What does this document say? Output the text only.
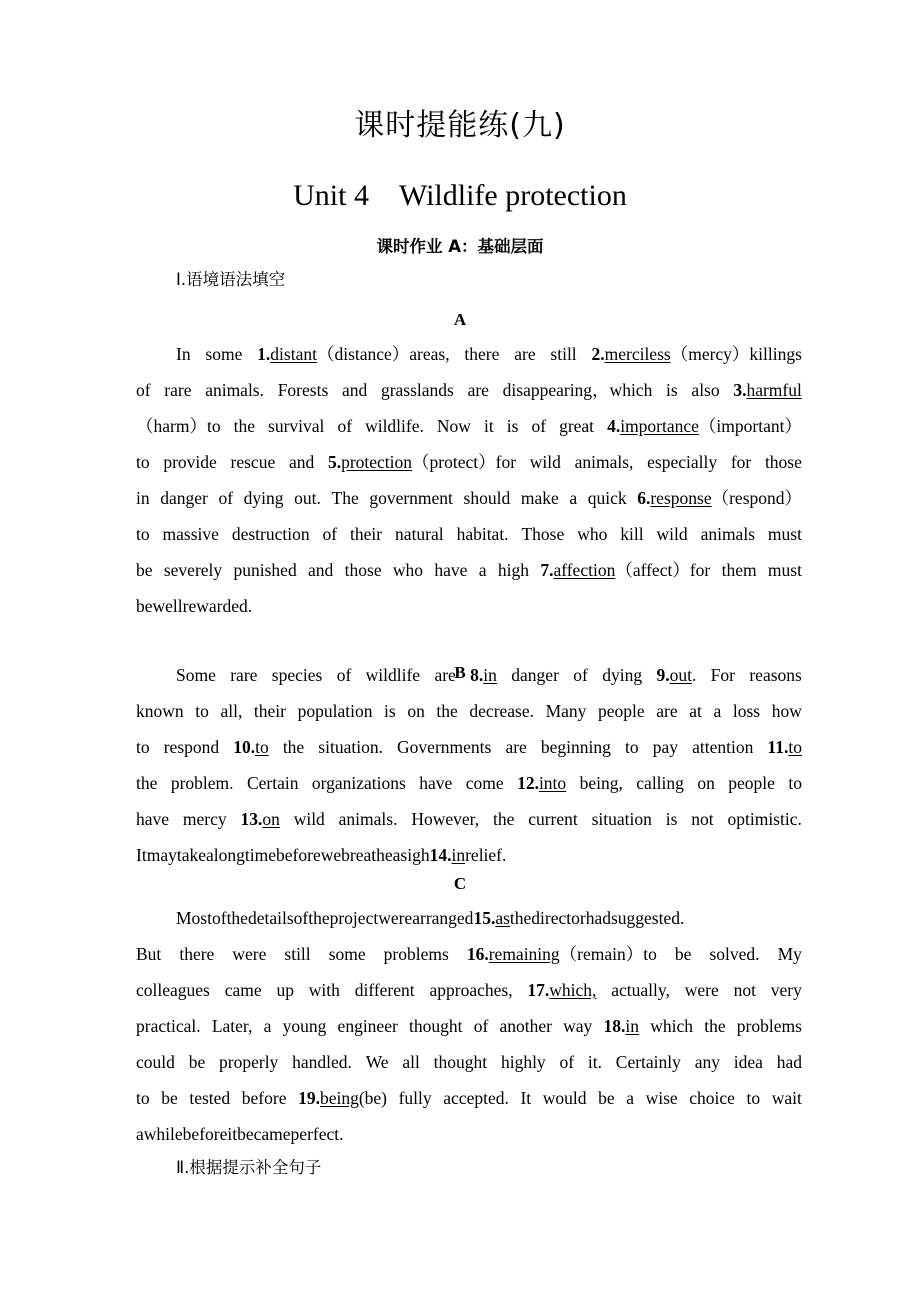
课时提能练(九)
Unit 4　Wildlife protection
课时作业 A：基础层面
Ⅰ.语境语法填空
A
In some 1.distant（distance）areas, there are still 2.merciless（mercy）killings
of rare animals. Forests and grasslands are disappearing，which is also 3.harmful
（harm）to the survival of wildlife. Now it is of great 4.importance（important）
to provide rescue and 5.protection（protect）for wild animals, especially for those
in danger of dying out. The government should make a quick 6.response（respond）
to massive destruction of their natural habitat. Those who kill wild animals must
be severely punished and those who have a high 7.affection（affect）for them must
be well rewarded.
B
Some rare species of wildlife are 8.in danger of dying 9.out. For reasons
known to all, their population is on the decrease. Many people are at a loss how
to respond 10.to the situation. Governments are beginning to pay attention 11.to
the problem. Certain organizations have come 12.into being, calling on people to
have mercy 13.on wild animals. However, the current situation is not optimistic.
It may take a long time before we breathe a sigh 14.in relief.
C
Most of the details of the project were arranged 15.as the director had suggested.
But there were still some problems 16.remaining（remain）to be solved. My
colleagues came up with different approaches, 17.which, actually, were not very
practical. Later, a young engineer thought of another way 18.in which the problems
could be properly handled. We all thought highly of it. Certainly any idea had
to be tested before 19.being(be) fully accepted. It would be a wise choice to wait
a while before it became perfect.
Ⅱ.根据提示补全句子
